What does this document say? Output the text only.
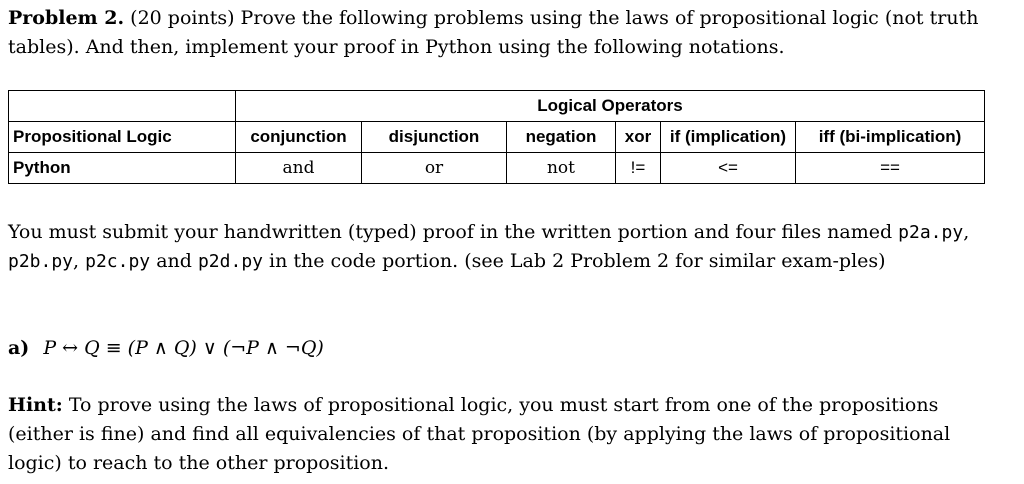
Problem 2. (20 points) Prove the following problems using the laws of propositional logic (not truth tables). And then, implement your proof in Python using the following notations.

	Logical Operators					
Propositional Logic	conjunction	disjunction	negation	xor	if (implication)	iff (bi-implication)
Python	and	or	not	!=	<=	==

You must submit your handwritten (typed) proof in the written portion and four files named p2a.py, p2b.py, p2c.py and p2d.py in the code portion. (see Lab 2 Problem 2 for similar exam-ples)

a) P ↔ Q ≡ (P ∧ Q) ∨ (¬P ∧ ¬Q)

Hint: To prove using the laws of propositional logic, you must start from one of the propositions (either is fine) and find all equivalencies of that proposition (by applying the laws of propositional logic) to reach to the other proposition.
